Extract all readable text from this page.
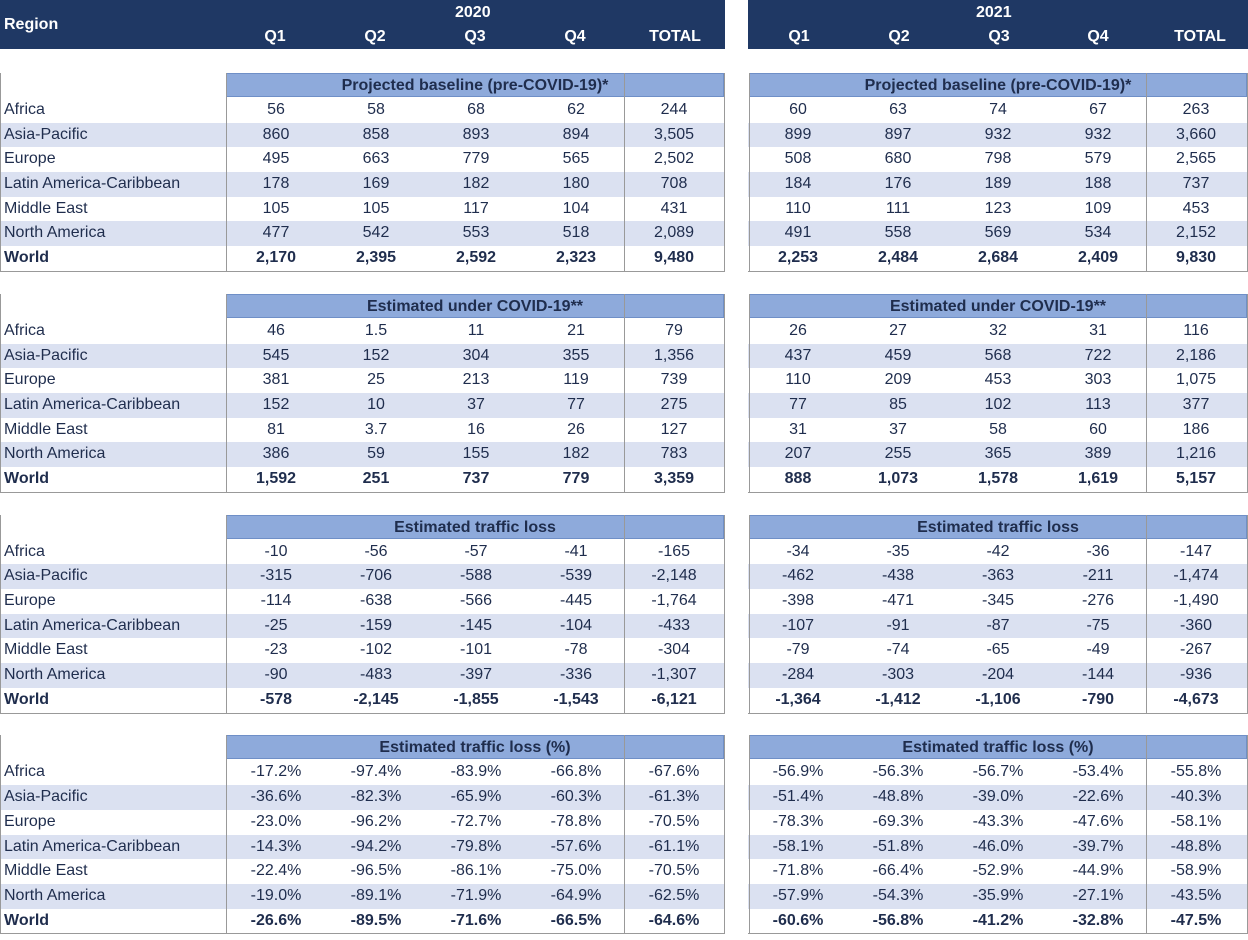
Region
2020
Q1	Q2	Q3	Q4	TOTAL
Projected baseline (pre-COVID-19)*
Africa	56	58	68	62	244
Asia-Pacific	860	858	893	894	3,505
Europe	495	663	779	565	2,502
Latin America-Caribbean	178	169	182	180	708
Middle East	105	105	117	104	431
North America	477	542	553	518	2,089
World	2,170	2,395	2,592	2,323	9,480
Estimated under COVID-19**
Africa	46	1.5	11	21	79
Asia-Pacific	545	152	304	355	1,356
Europe	381	25	213	119	739
Latin America-Caribbean	152	10	37	77	275
Middle East	81	3.7	16	26	127
North America	386	59	155	182	783
World	1,592	251	737	779	3,359
Estimated traffic loss
Africa	-10	-56	-57	-41	-165
Asia-Pacific	-315	-706	-588	-539	-2,148
Europe	-114	-638	-566	-445	-1,764
Latin America-Caribbean	-25	-159	-145	-104	-433
Middle East	-23	-102	-101	-78	-304
North America	-90	-483	-397	-336	-1,307
World	-578	-2,145	-1,855	-1,543	-6,121
Estimated traffic loss (%)
Africa	-17.2%	-97.4%	-83.9%	-66.8%	-67.6%
Asia-Pacific	-36.6%	-82.3%	-65.9%	-60.3%	-61.3%
Europe	-23.0%	-96.2%	-72.7%	-78.8%	-70.5%
Latin America-Caribbean	-14.3%	-94.2%	-79.8%	-57.6%	-61.1%
Middle East	-22.4%	-96.5%	-86.1%	-75.0%	-70.5%
North America	-19.0%	-89.1%	-71.9%	-64.9%	-62.5%
World	-26.6%	-89.5%	-71.6%	-66.5%	-64.6%
2021
Q1	Q2	Q3	Q4	TOTAL
Projected baseline (pre-COVID-19)*
60	63	74	67	263
899	897	932	932	3,660
508	680	798	579	2,565
184	176	189	188	737
110	111	123	109	453
491	558	569	534	2,152
2,253	2,484	2,684	2,409	9,830
Estimated under COVID-19**
26	27	32	31	116
437	459	568	722	2,186
110	209	453	303	1,075
77	85	102	113	377
31	37	58	60	186
207	255	365	389	1,216
888	1,073	1,578	1,619	5,157
Estimated traffic loss
-34	-35	-42	-36	-147
-462	-438	-363	-211	-1,474
-398	-471	-345	-276	-1,490
-107	-91	-87	-75	-360
-79	-74	-65	-49	-267
-284	-303	-204	-144	-936
-1,364	-1,412	-1,106	-790	-4,673
Estimated traffic loss (%)
-56.9%	-56.3%	-56.7%	-53.4%	-55.8%
-51.4%	-48.8%	-39.0%	-22.6%	-40.3%
-78.3%	-69.3%	-43.3%	-47.6%	-58.1%
-58.1%	-51.8%	-46.0%	-39.7%	-48.8%
-71.8%	-66.4%	-52.9%	-44.9%	-58.9%
-57.9%	-54.3%	-35.9%	-27.1%	-43.5%
-60.6%	-56.8%	-41.2%	-32.8%	-47.5%
